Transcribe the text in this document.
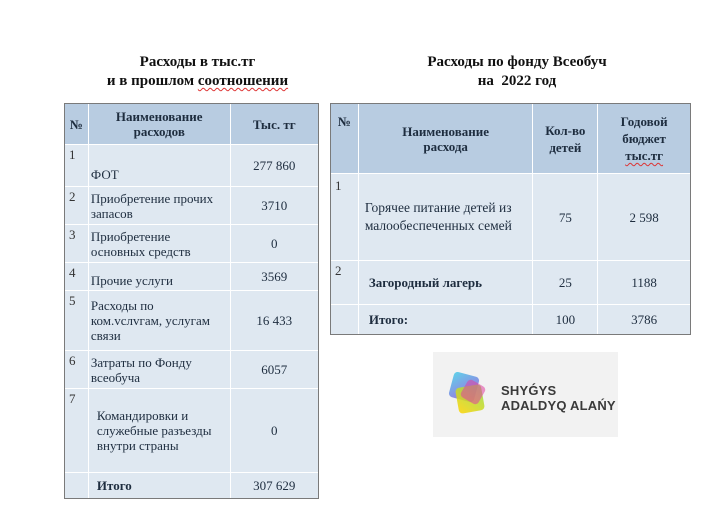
Расходы в тыс.тг
и в прошлом соотношении
Расходы по фонду Всеобуч
на  2022 год
№	Наименование расходов	Тыс. тг
1	ФОТ	277 860
2	Приобретение прочих запасов	3710
3	Приобретение основных средств	0
4	Прочие услуги	3569
5	Расходы по ком.vслvгам, услугам связи	16 433
6	Затраты по Фонду всеобуча	6057
7	Командировки и служебные разъезды внутри страны	0
	Итого	307 629
№	Наименование расхода	Кол-во детей	Годовой бюджет
тыс.тг

1	Горячее питание детей из малообеспеченных семей	75	2 598
2	Загородный лагерь	25	1188
	Итого:	100	3786
SHYǴYS
ADALDYQ ALAŃY
